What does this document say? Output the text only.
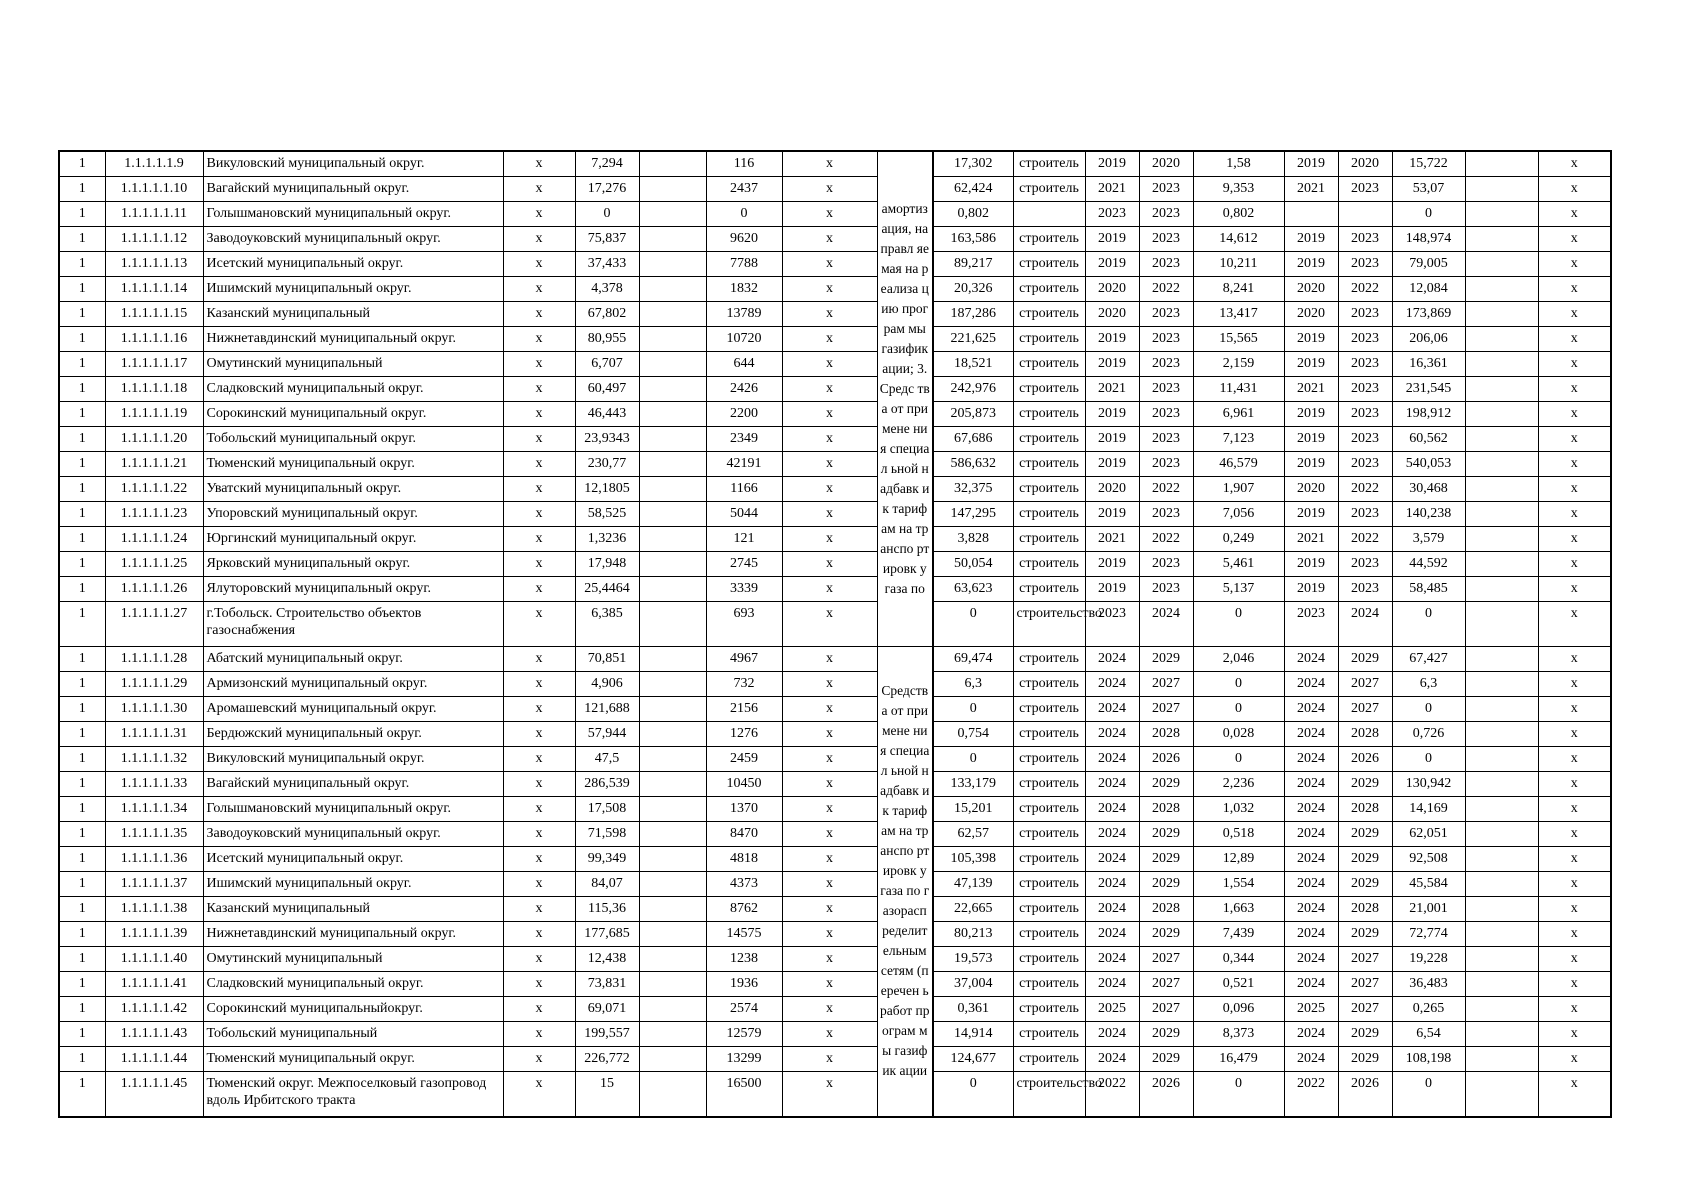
1	1.1.1.1.1.9	Викуловский муниципальный округ.	x	7,294		116	x	амортиз ация, направл яемая на реализа цию програм мы газифик ации; 3.Средс тва от примене ния специал ьной надбавк и к тарифам на транспо ртировк у газа по	17,302	строитель	2019	2020	1,58	2019	2020	15,722		x
1	1.1.1.1.1.10	Вагайский муниципальный округ.	x	17,276		2437	x		62,424	строитель	2021	2023	9,353	2021	2023	53,07		x
1	1.1.1.1.1.11	Голышмановский муниципальный округ.	x	0		0	x		0,802		2023	2023	0,802			0		x
1	1.1.1.1.1.12	Заводоуковский муниципальный округ.	x	75,837		9620	x		163,586	строитель	2019	2023	14,612	2019	2023	148,974		x
1	1.1.1.1.1.13	Исетский муниципальный округ.	x	37,433		7788	x		89,217	строитель	2019	2023	10,211	2019	2023	79,005		x
1	1.1.1.1.1.14	Ишимский муниципальный округ.	x	4,378		1832	x		20,326	строитель	2020	2022	8,241	2020	2022	12,084		x
1	1.1.1.1.1.15	Казанский муниципальный	x	67,802		13789	x		187,286	строитель	2020	2023	13,417	2020	2023	173,869		x
1	1.1.1.1.1.16	Нижнетавдинский муниципальный округ.	x	80,955		10720	x		221,625	строитель	2019	2023	15,565	2019	2023	206,06		x
1	1.1.1.1.1.17	Омутинский муниципальный	x	6,707		644	x		18,521	строитель	2019	2023	2,159	2019	2023	16,361		x
1	1.1.1.1.1.18	Сладковский муниципальный округ.	x	60,497		2426	x		242,976	строитель	2021	2023	11,431	2021	2023	231,545		x
1	1.1.1.1.1.19	Сорокинский муниципальный округ.	x	46,443		2200	x		205,873	строитель	2019	2023	6,961	2019	2023	198,912		x
1	1.1.1.1.1.20	Тобольский муниципальный округ.	x	23,9343		2349	x		67,686	строитель	2019	2023	7,123	2019	2023	60,562		x
1	1.1.1.1.1.21	Тюменский муниципальный округ.	x	230,77		42191	x		586,632	строитель	2019	2023	46,579	2019	2023	540,053		x
1	1.1.1.1.1.22	Уватский муниципальный округ.	x	12,1805		1166	x		32,375	строитель	2020	2022	1,907	2020	2022	30,468		x
1	1.1.1.1.1.23	Упоровский муниципальный округ.	x	58,525		5044	x		147,295	строитель	2019	2023	7,056	2019	2023	140,238		x
1	1.1.1.1.1.24	Юргинский муниципальный округ.	x	1,3236		121	x		3,828	строитель	2021	2022	0,249	2021	2022	3,579		x
1	1.1.1.1.1.25	Ярковский муниципальный округ.	x	17,948		2745	x		50,054	строитель	2019	2023	5,461	2019	2023	44,592		x
1	1.1.1.1.1.26	Ялуторовский муниципальный округ.	x	25,4464		3339	x		63,623	строитель	2019	2023	5,137	2019	2023	58,485		x
1	1.1.1.1.1.27	г.Тобольск. Строительство объектов газоснабжения	x	6,385		693	x		0	строительство	2023	2024	0	2023	2024	0		x
1	1.1.1.1.1.28	Абатский муниципальный округ.	x	70,851		4967	x	Средств а от примене ния специал ьной надбавк и к тарифам на транспо ртировк у газа по газорасп ределит ельным сетям (перечен ь работ програм мы газифик ации	69,474	строитель	2024	2029	2,046	2024	2029	67,427		x
1	1.1.1.1.1.29	Армизонский муниципальный округ.	x	4,906		732	x		6,3	строитель	2024	2027	0	2024	2027	6,3		x
1	1.1.1.1.1.30	Аромашевский муниципальный округ.	x	121,688		2156	x		0	строитель	2024	2027	0	2024	2027	0		x
1	1.1.1.1.1.31	Бердюжский муниципальный округ.	x	57,944		1276	x		0,754	строитель	2024	2028	0,028	2024	2028	0,726		x
1	1.1.1.1.1.32	Викуловский муниципальный округ.	x	47,5		2459	x		0	строитель	2024	2026	0	2024	2026	0		x
1	1.1.1.1.1.33	Вагайский муниципальный округ.	x	286,539		10450	x		133,179	строитель	2024	2029	2,236	2024	2029	130,942		x
1	1.1.1.1.1.34	Голышмановский муниципальный округ.	x	17,508		1370	x		15,201	строитель	2024	2028	1,032	2024	2028	14,169		x
1	1.1.1.1.1.35	Заводоуковский муниципальный округ.	x	71,598		8470	x		62,57	строитель	2024	2029	0,518	2024	2029	62,051		x
1	1.1.1.1.1.36	Исетский муниципальный округ.	x	99,349		4818	x		105,398	строитель	2024	2029	12,89	2024	2029	92,508		x
1	1.1.1.1.1.37	Ишимский муниципальный округ.	x	84,07		4373	x		47,139	строитель	2024	2029	1,554	2024	2029	45,584		x
1	1.1.1.1.1.38	Казанский муниципальный	x	115,36		8762	x		22,665	строитель	2024	2028	1,663	2024	2028	21,001		x
1	1.1.1.1.1.39	Нижнетавдинский муниципальный округ.	x	177,685		14575	x		80,213	строитель	2024	2029	7,439	2024	2029	72,774		x
1	1.1.1.1.1.40	Омутинский муниципальный	x	12,438		1238	x		19,573	строитель	2024	2027	0,344	2024	2027	19,228		x
1	1.1.1.1.1.41	Сладковский муниципальный округ.	x	73,831		1936	x		37,004	строитель	2024	2027	0,521	2024	2027	36,483		x
1	1.1.1.1.1.42	Сорокинский муниципальныйокруг.	x	69,071		2574	x		0,361	строитель	2025	2027	0,096	2025	2027	0,265		x
1	1.1.1.1.1.43	Тобольский муниципальный	x	199,557		12579	x		14,914	строитель	2024	2029	8,373	2024	2029	6,54		x
1	1.1.1.1.1.44	Тюменский муниципальный округ.	x	226,772		13299	x		124,677	строитель	2024	2029	16,479	2024	2029	108,198		x
1	1.1.1.1.1.45	Тюменский округ. Межпоселковый газопровод вдоль Ирбитского тракта	x	15		16500	x		0	строительство	2022	2026	0	2022	2026	0		x
